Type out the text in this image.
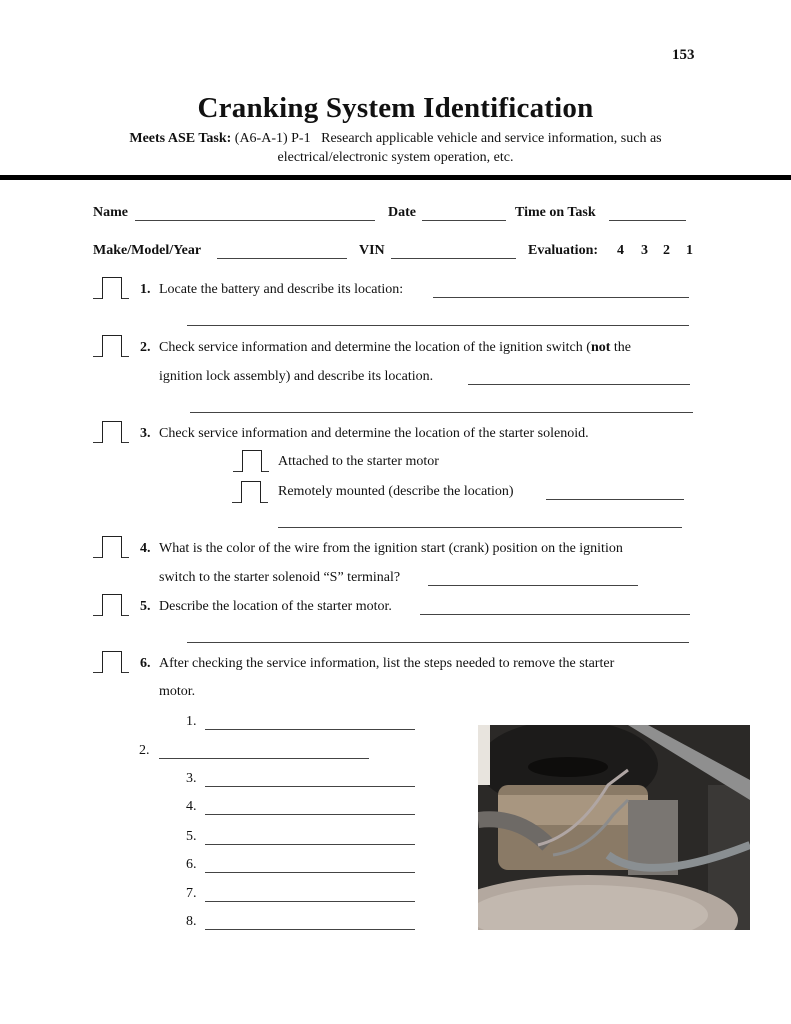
153
Cranking System Identification
Meets ASE Task: (A6-A-1) P-1 Research applicable vehicle and service information, such as
electrical/electronic system operation, etc.
Name	Date	Time on Task
Make/Model/Year	VIN	Evaluation: 4 3 2 1
1. Locate the battery and describe its location:
2. Check service information and determine the location of the ignition switch (not the
ignition lock assembly) and describe its location.
3. Check service information and determine the location of the starter solenoid.
Attached to the starter motor
Remotely mounted (describe the location)
4. What is the color of the wire from the ignition start (crank) position on the ignition
switch to the starter solenoid “S” terminal?
5. Describe the location of the starter motor.
6. After checking the service information, list the steps needed to remove the starter
motor.
1.
2.
3.
4.
5.
6.
7.
8.
